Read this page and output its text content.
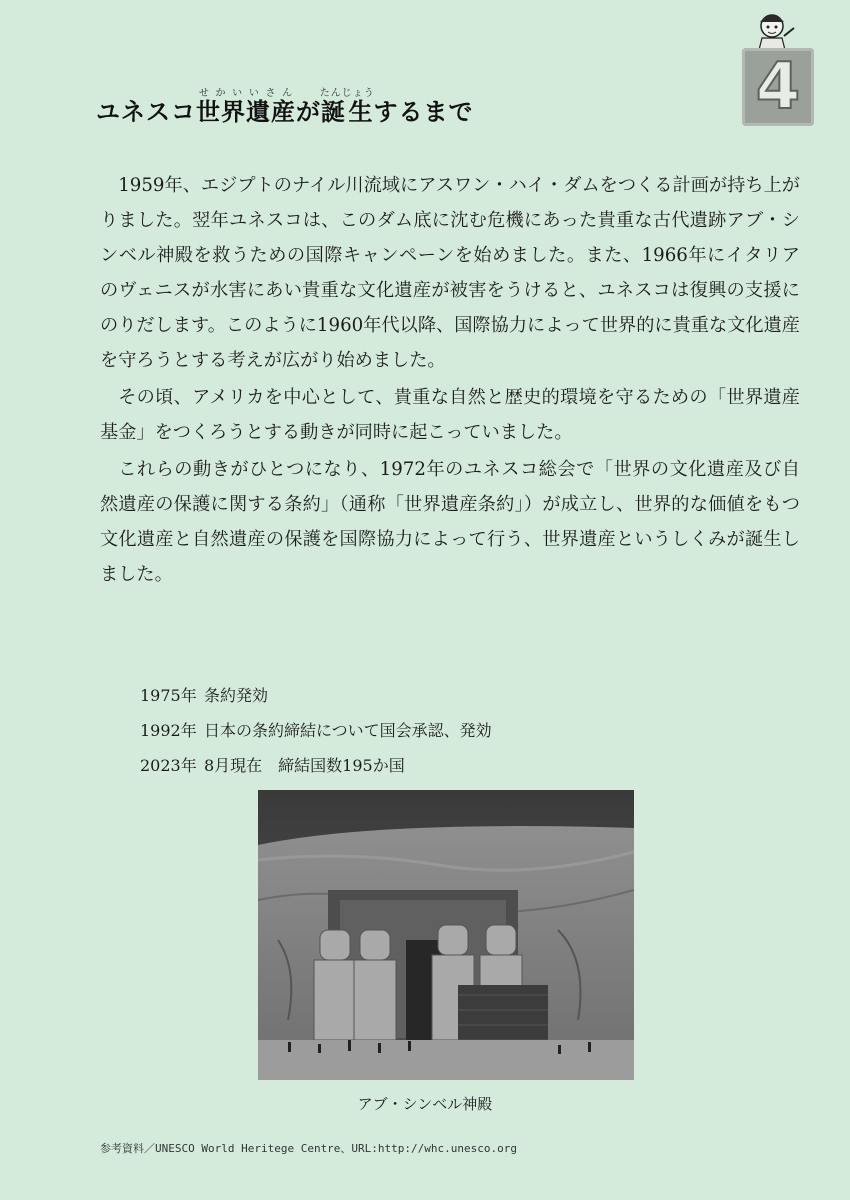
4
ユネスコ世界遺産せかいいさんが誕生たんじょうするまで

1959年、エジプトのナイル川流域にアスワン・ハイ・ダムをつくる計画が持ち上がりました。翌年ユネスコは、このダム底に沈む危機にあった貴重な古代遺跡アブ・シンベル神殿を救うための国際キャンペーンを始めました。また、1966年にイタリアのヴェニスが水害にあい貴重な文化遺産が被害をうけると、ユネスコは復興の支援にのりだします。このように1960年代以降、国際協力によって世界的に貴重な文化遺産を守ろうとする考えが広がり始めました。

その頃、アメリカを中心として、貴重な自然と歴史的環境を守るための「世界遺産基金」をつくろうとする動きが同時に起こっていました。

これらの動きがひとつになり、1972年のユネスコ総会で「世界の文化遺産及び自然遺産の保護に関する条約」（通称「世界遺産条約」）が成立し、世界的な価値をもつ文化遺産と自然遺産の保護を国際協力によって行う、世界遺産というしくみが誕生しました。

1975年 条約発効
1992年 日本の条約締結について国会承認、発効
2023年 8月現在　締結国数195か国
アブ・シンベル神殿
参考資料／UNESCO World Heritege Centre、URL:http://whc.unesco.org
